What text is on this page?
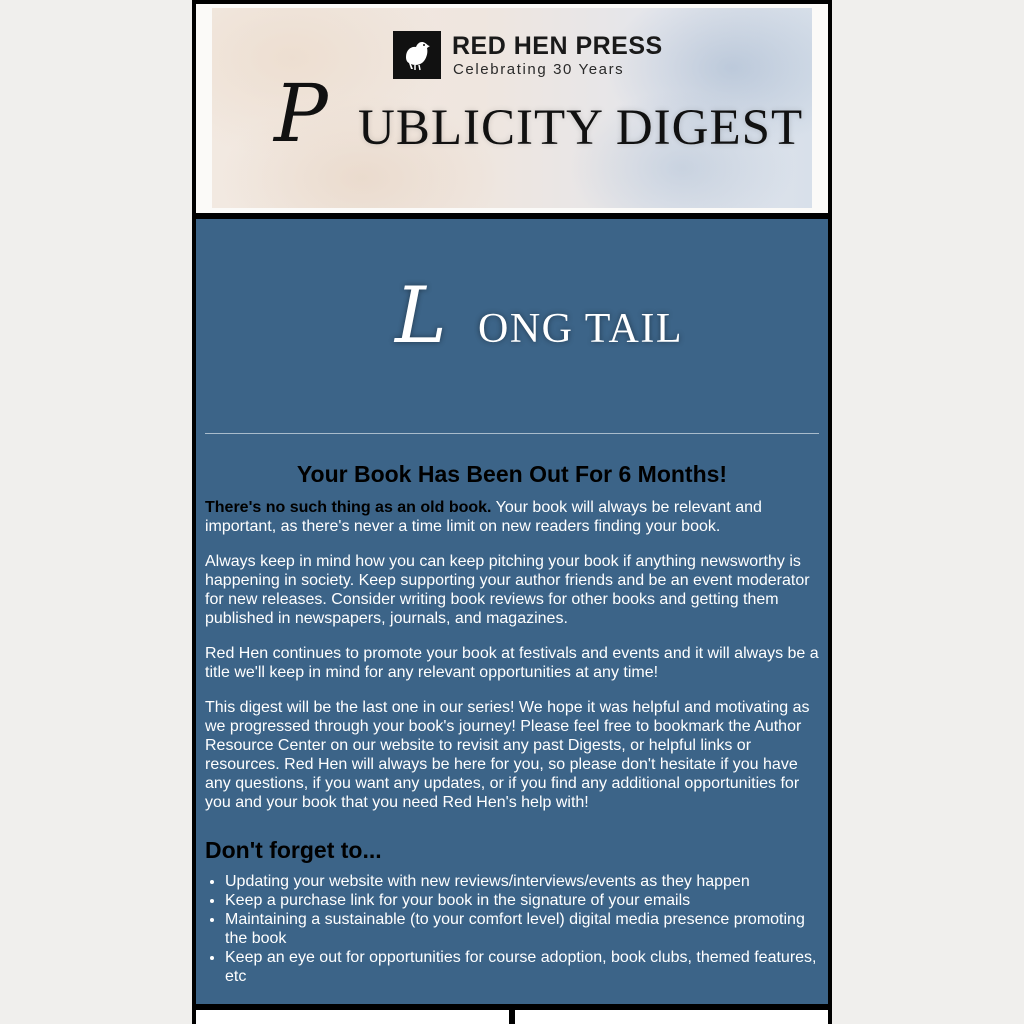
RED HEN PRESS
Celebrating 30 Years
P UBLICITY DIGEST
L ONG TAIL
Your Book Has Been Out For 6 Months!

There's no such thing as an old book. Your book will always be relevant and important, as there's never a time limit on new readers finding your book.

Always keep in mind how you can keep pitching your book if anything newsworthy is happening in society. Keep supporting your author friends and be an event moderator for new releases. Consider writing book reviews for other books and getting them published in newspapers, journals, and magazines.

Red Hen continues to promote your book at festivals and events and it will always be a title we'll keep in mind for any relevant opportunities at any time!

This digest will be the last one in our series! We hope it was helpful and motivating as we progressed through your book's journey! Please feel free to bookmark the Author Resource Center on our website to revisit any past Digests, or helpful links or resources. Red Hen will always be here for you, so please don't hesitate if you have any questions, if you want any updates, or if you find any additional opportunities for you and your book that you need Red Hen's help with!

Don't forget to...
• Updating your website with new reviews/interviews/events as they happen
• Keep a purchase link for your book in the signature of your emails
• Maintaining a sustainable (to your comfort level) digital media presence promoting the book
• Keep an eye out for opportunities for course adoption, book clubs, themed features, etc
